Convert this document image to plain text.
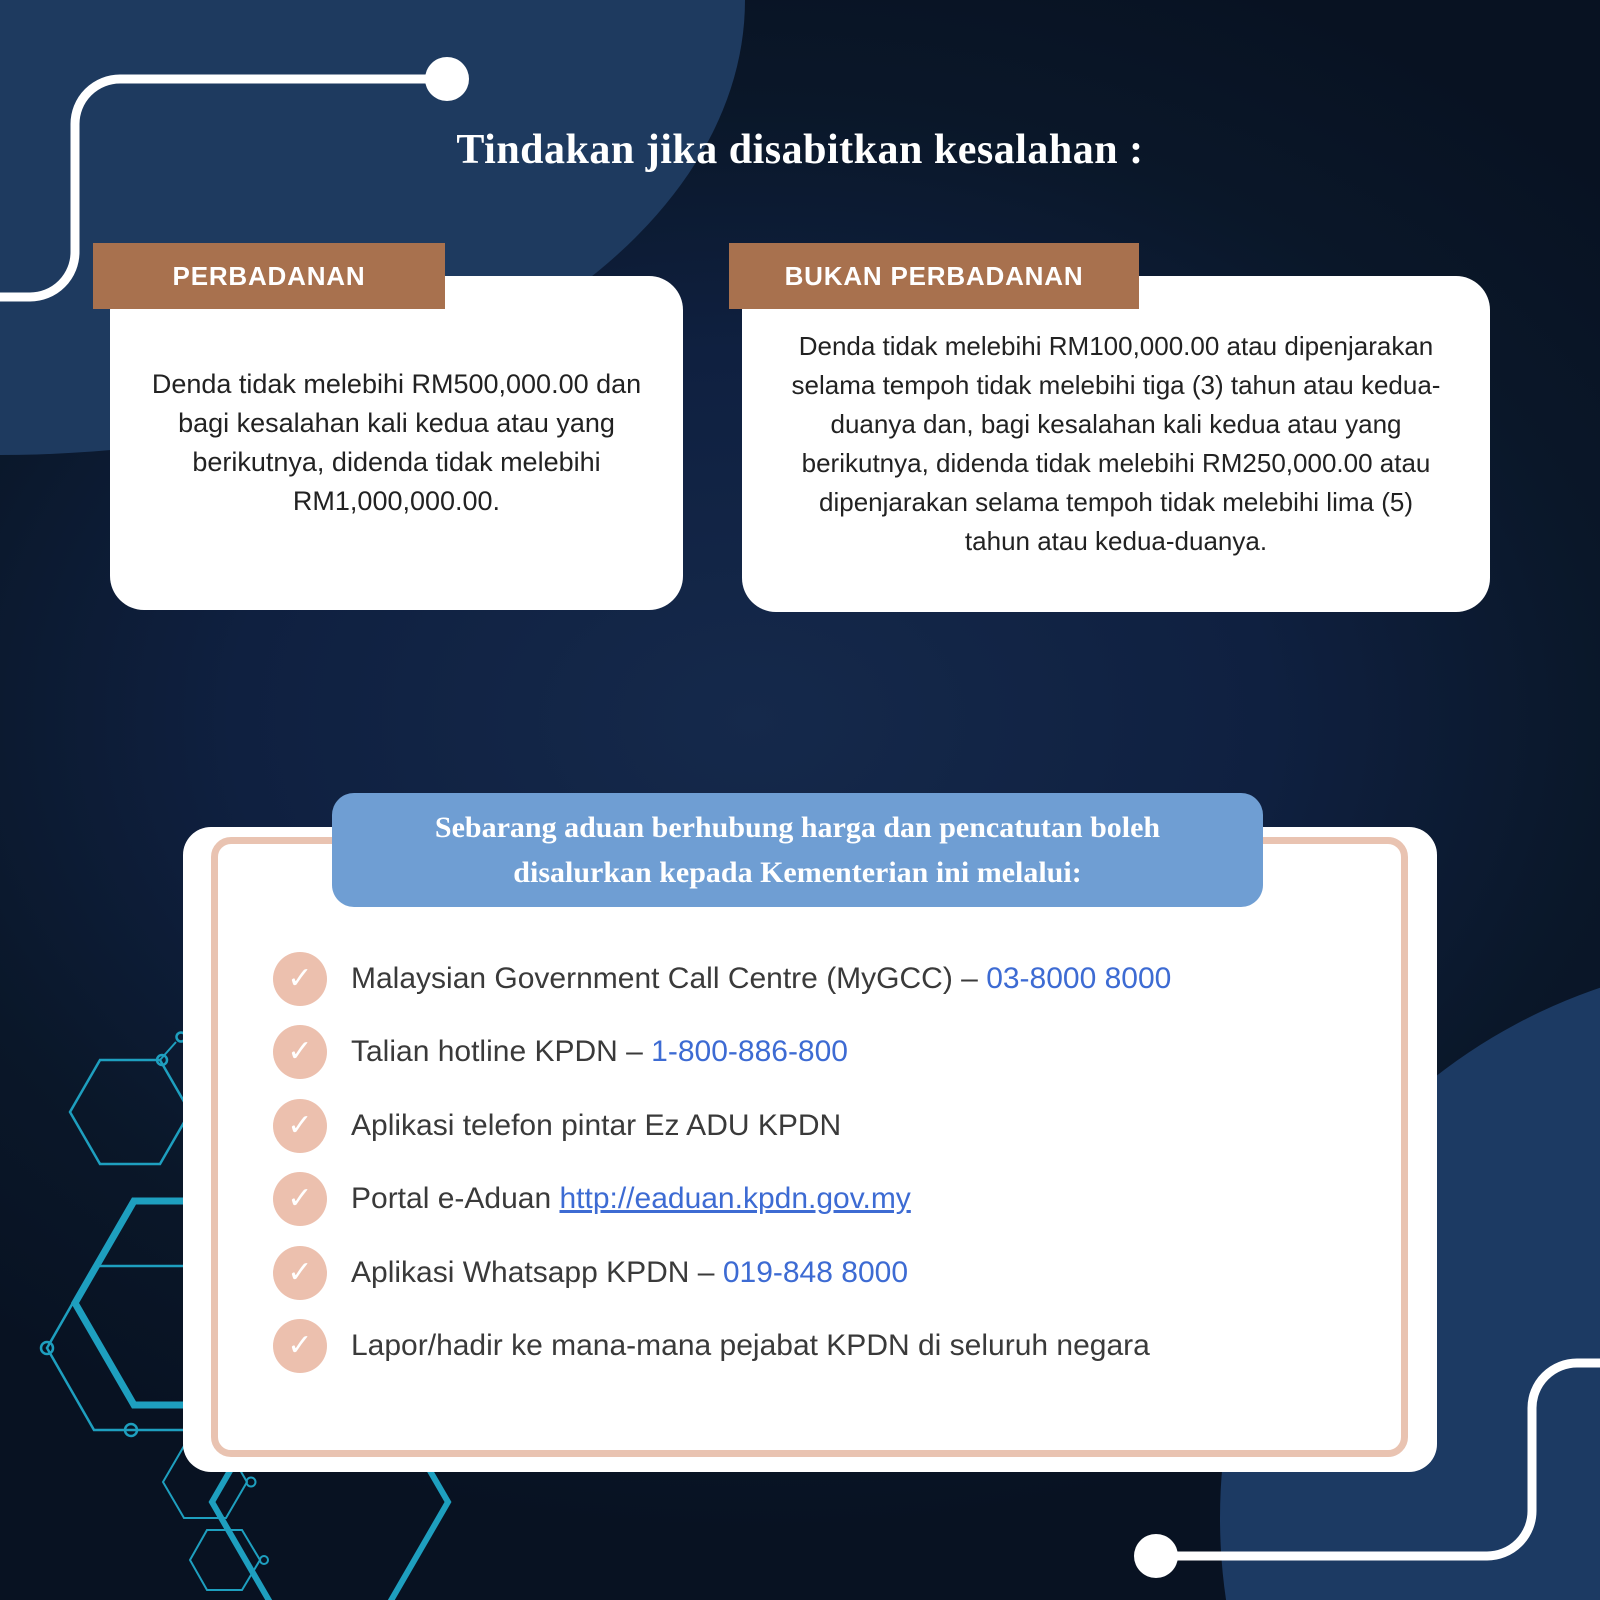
Tindakan jika disabitkan kesalahan :
PERBADANAN

Denda tidak melebihi RM500,000.00 dan bagi kesalahan kali kedua atau yang berikutnya, didenda tidak melebihi RM1,000,000.00.

BUKAN PERBADANAN

Denda tidak melebihi RM100,000.00 atau dipenjarakan selama tempoh tidak melebihi tiga (3) tahun atau kedua-duanya dan, bagi kesalahan kali kedua atau yang berikutnya, didenda tidak melebihi RM250,000.00 atau dipenjarakan selama tempoh tidak melebihi lima (5) tahun atau kedua-duanya.

Sebarang aduan berhubung harga dan pencatutan boleh disalurkan kepada Kementerian ini melalui:
✓	Malaysian Government Call Centre (MyGCC) – 03-8000 8000
✓	Talian hotline KPDN – 1-800-886-800
✓	Aplikasi telefon pintar Ez ADU KPDN
✓	Portal e-Aduan http://eaduan.kpdn.gov.my
✓	Aplikasi Whatsapp KPDN – 019-848 8000
✓	Lapor/hadir ke mana-mana pejabat KPDN di seluruh negara
